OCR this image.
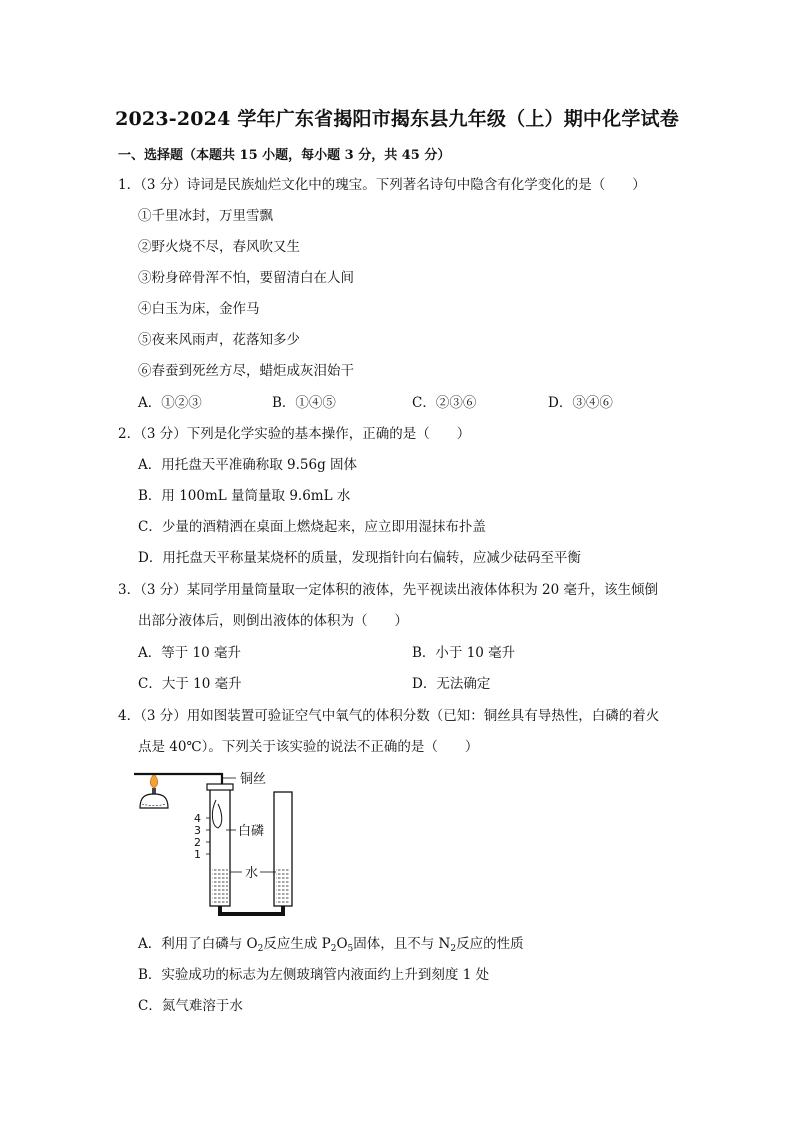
2023-2024 学年广东省揭阳市揭东县九年级（上）期中化学试卷
一、选择题（本题共 15 小题，每小题 3 分，共 45 分）
1．（3 分）诗词是民族灿烂文化中的瑰宝。下列著名诗句中隐含有化学变化的是（　　）
①千里冰封，万里雪飘
②野火烧不尽，春风吹又生
③粉身碎骨浑不怕，要留清白在人间
④白玉为床，金作马
⑤夜来风雨声，花落知多少
⑥春蚕到死丝方尽，蜡炬成灰泪始干
A．①②③	B．①④⑤	C．②③⑥	D．③④⑥
2．（3 分）下列是化学实验的基本操作，正确的是（　　）
A．用托盘天平准确称取 9.56g 固体
B．用 100mL 量筒量取 9.6mL 水
C．少量的酒精洒在桌面上燃烧起来，应立即用湿抹布扑盖
D．用托盘天平称量某烧杯的质量，发现指针向右偏转，应减少砝码至平衡
3．（3 分）某同学用量筒量取一定体积的液体，先平视读出液体体积为 20 毫升，该生倾倒
出部分液体后，则倒出液体的体积为（　　）
A．等于 10 毫升	B．小于 10 毫升
C．大于 10 毫升	D．无法确定
4．（3 分）用如图装置可验证空气中氧气的体积分数（已知：铜丝具有导热性，白磷的着火
点是 40℃）。下列关于该实验的说法不正确的是（　　）
铜丝
4
3
2
1
白磷
水
A．利用了白磷与 $O_2$反应生成 $P_2O_5$固体，且不与 $N_2$反应的性质
B．实验成功的标志为左侧玻璃管内液面约上升到刻度 1 处
C．氮气难溶于水
